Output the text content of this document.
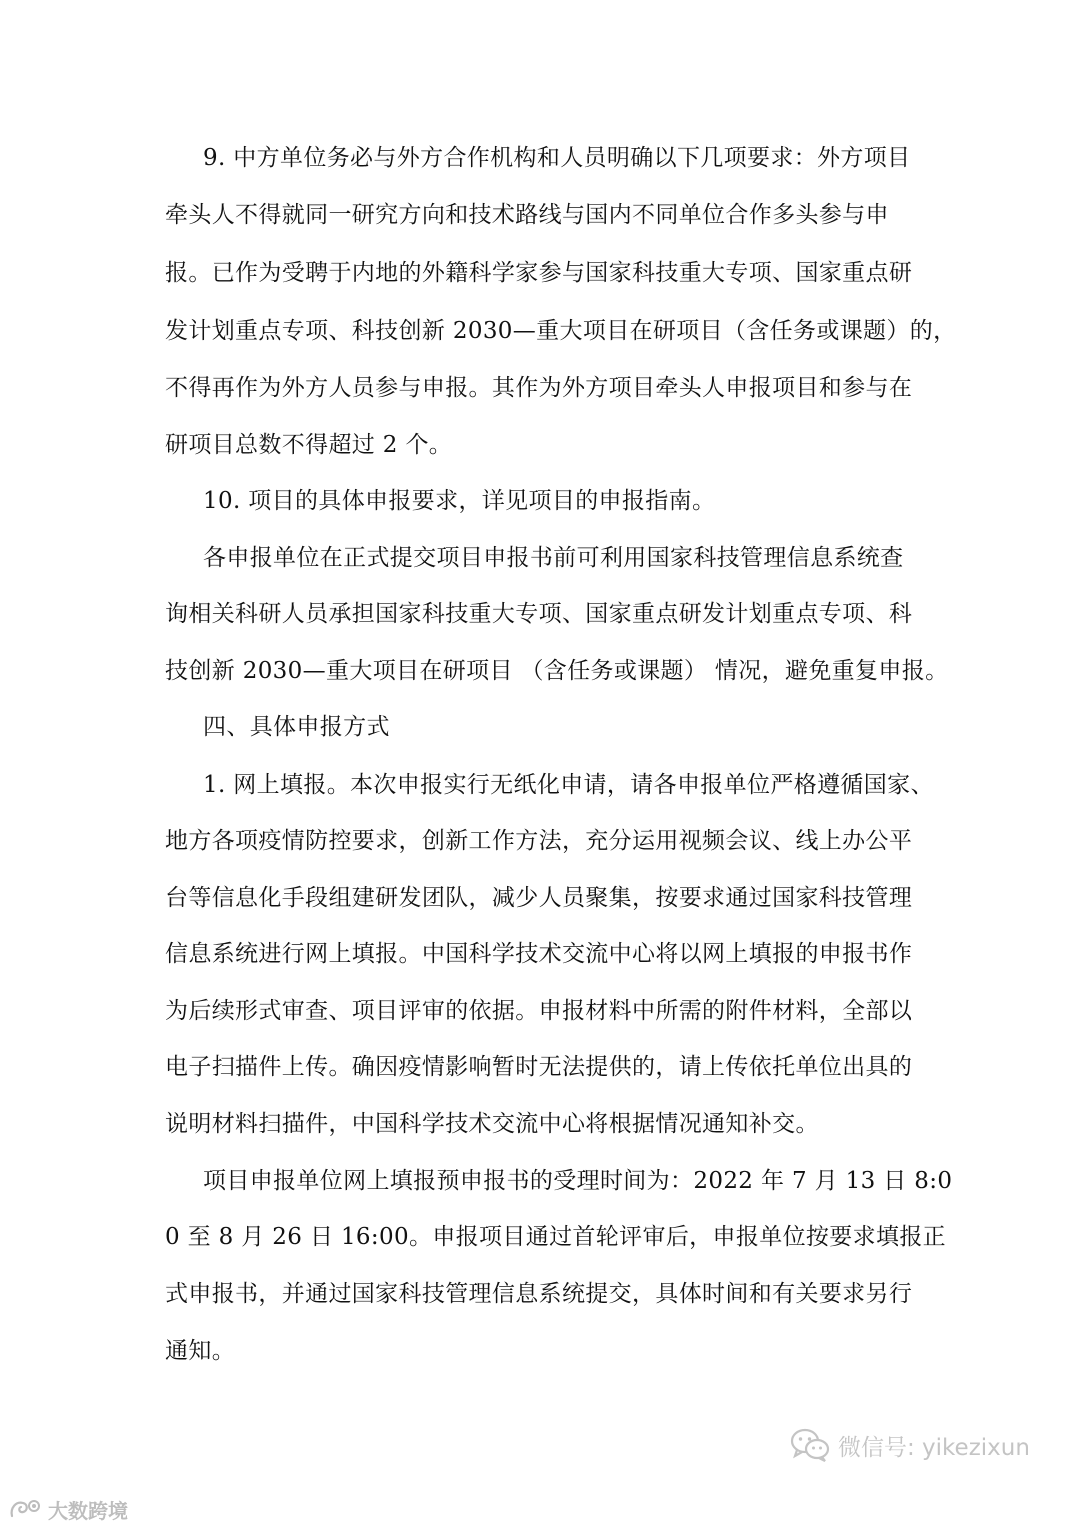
9. 中方单位务必与外方合作机构和人员明确以下几项要求：外方项目
牵头人不得就同一研究方向和技术路线与国内不同单位合作多头参与申
报。已作为受聘于内地的外籍科学家参与国家科技重大专项、国家重点研
发计划重点专项、科技创新 2030—重大项目在研项目（含任务或课题）的，
不得再作为外方人员参与申报。其作为外方项目牵头人申报项目和参与在
研项目总数不得超过 2 个。
10. 项目的具体申报要求，详见项目的申报指南。
各申报单位在正式提交项目申报书前可利用国家科技管理信息系统查
询相关科研人员承担国家科技重大专项、国家重点研发计划重点专项、科
技创新 2030—重大项目在研项目 （含任务或课题） 情况，避免重复申报。
四、具体申报方式
1. 网上填报。本次申报实行无纸化申请，请各申报单位严格遵循国家、
地方各项疫情防控要求，创新工作方法，充分运用视频会议、线上办公平
台等信息化手段组建研发团队，减少人员聚集，按要求通过国家科技管理
信息系统进行网上填报。中国科学技术交流中心将以网上填报的申报书作
为后续形式审查、项目评审的依据。申报材料中所需的附件材料，全部以
电子扫描件上传。确因疫情影响暂时无法提供的，请上传依托单位出具的
说明材料扫描件，中国科学技术交流中心将根据情况通知补交。
项目申报单位网上填报预申报书的受理时间为：2022 年 7 月 13 日 8:0
0 至 8 月 26 日 16:00。申报项目通过首轮评审后，申报单位按要求填报正
式申报书，并通过国家科技管理信息系统提交，具体时间和有关要求另行
通知。
微信号: yikezixun
大数跨境
